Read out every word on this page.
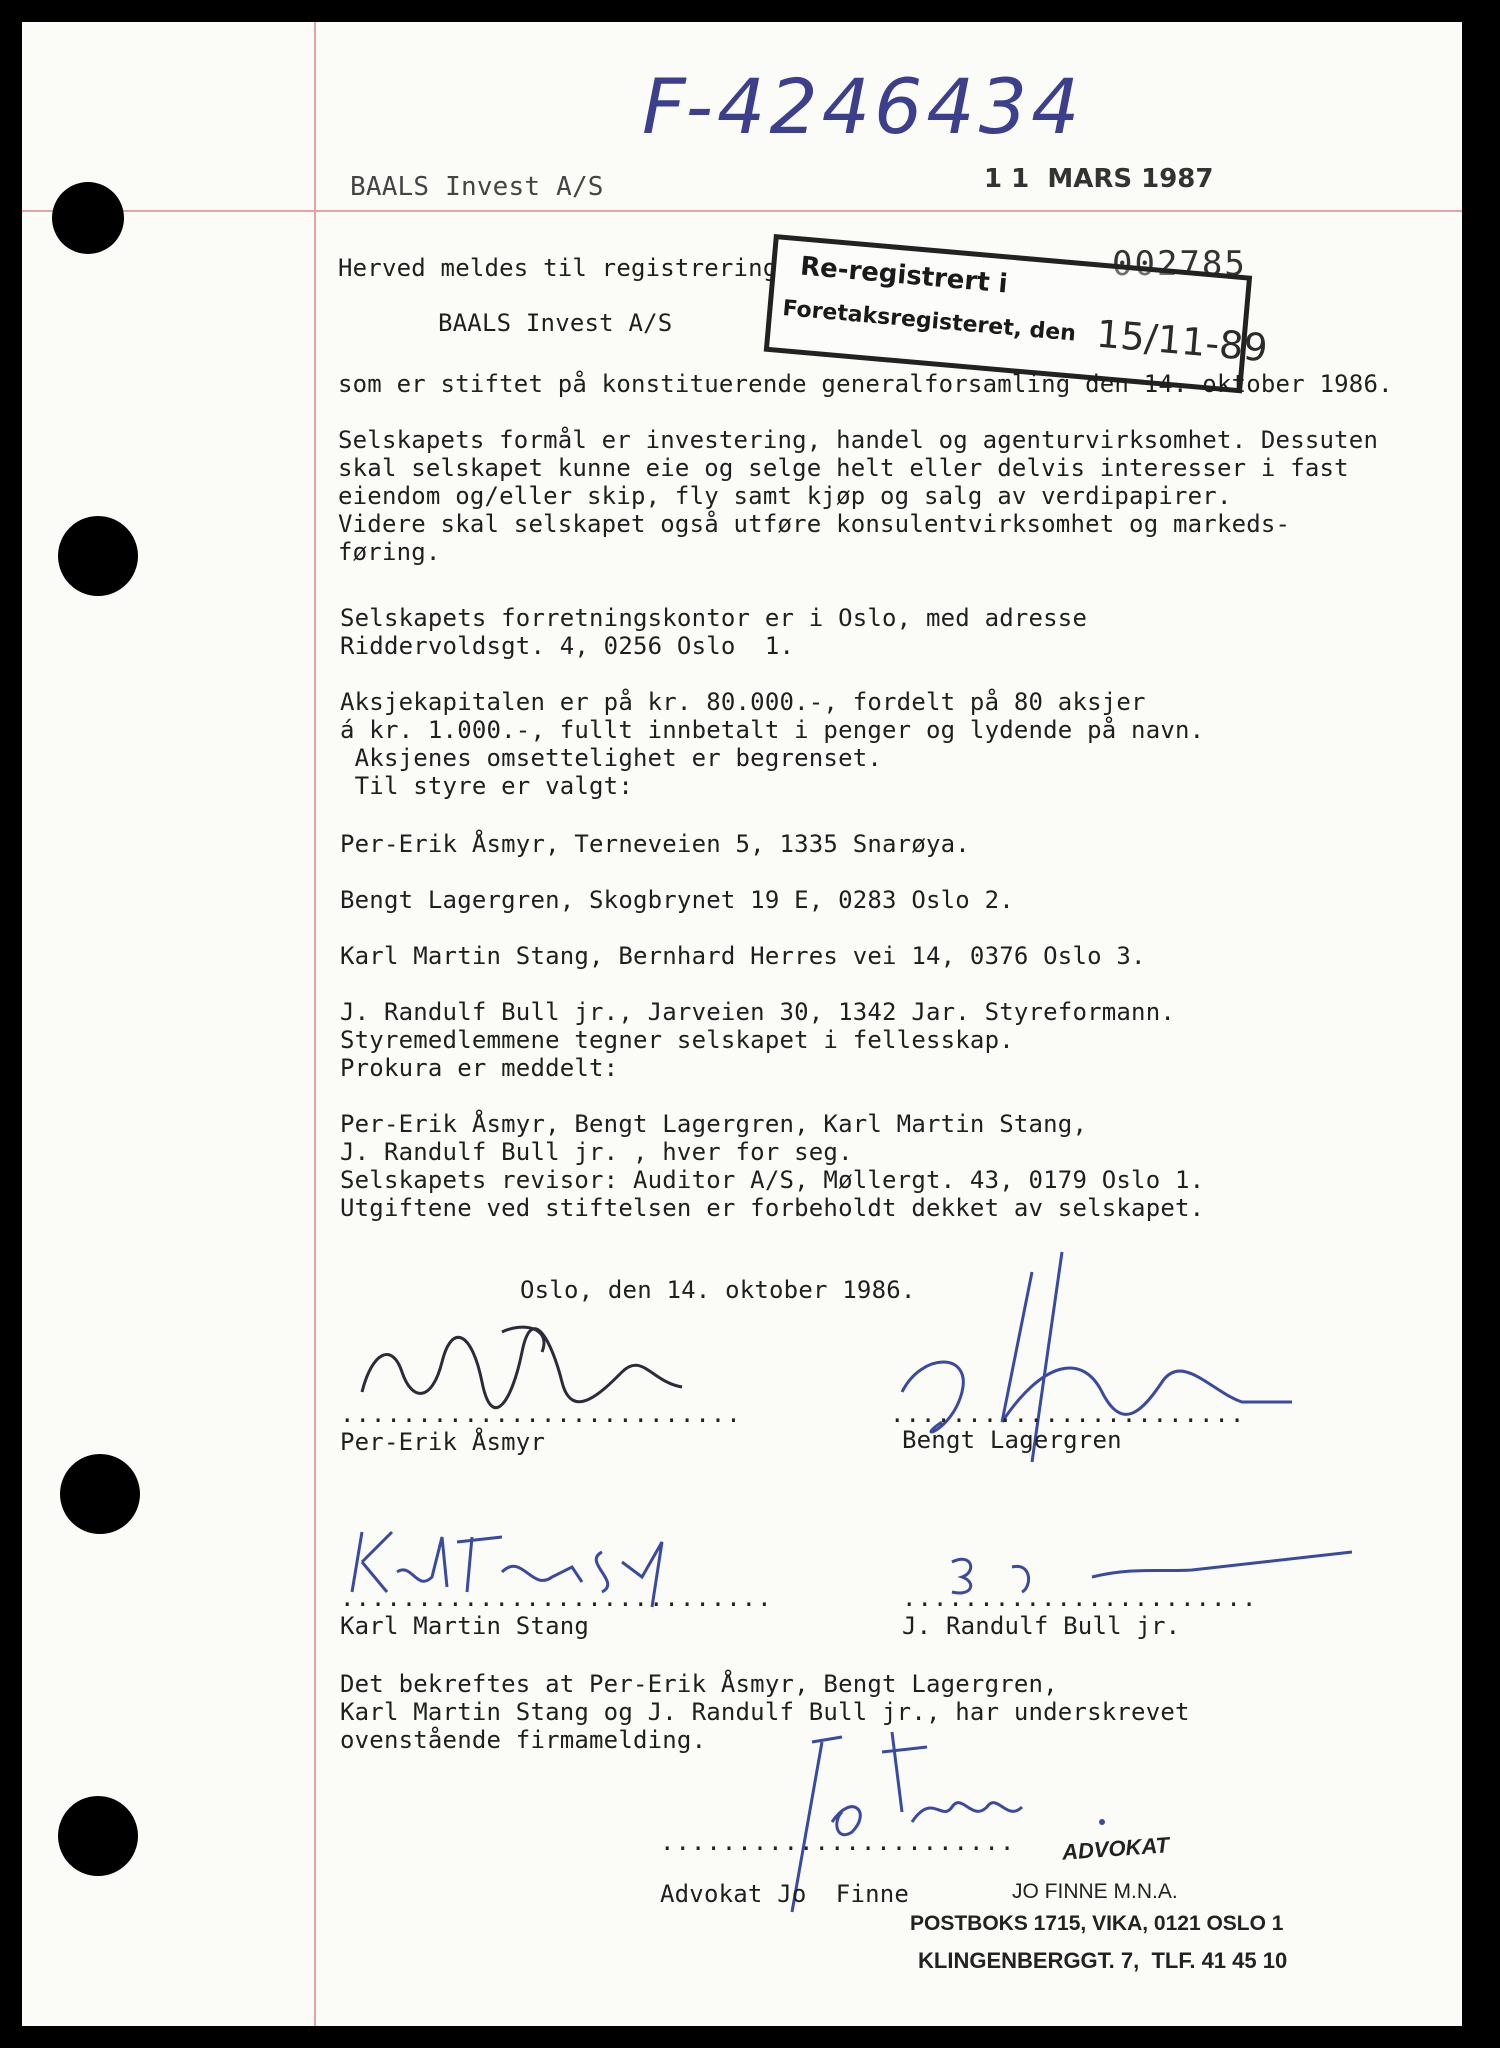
F-4246434
BAALS Invest A/S	1 1  MARS 1987
002785
Re-registrert i
Foretaksregisteret, den 15/11-89
Herved meldes til registrering
BAALS Invest A/S
som er stiftet på konstituerende generalforsamling den 14. oktober 1986.
Selskapets formål er investering, handel og agenturvirksomhet. Dessuten
skal selskapet kunne eie og selge helt eller delvis interesser i fast
eiendom og/eller skip, fly samt kjøp og salg av verdipapirer.
Videre skal selskapet også utføre konsulentvirksomhet og markeds-
føring.
Selskapets forretningskontor er i Oslo, med adresse
Riddervoldsgt. 4, 0256 Oslo  1.
Aksjekapitalen er på kr. 80.000.-, fordelt på 80 aksjer
á kr. 1.000.-, fullt innbetalt i penger og lydende på navn.
Aksjenes omsettelighet er begrenset.
Til styre er valgt:
Per-Erik Åsmyr, Terneveien 5, 1335 Snarøya.
Bengt Lagergren, Skogbrynet 19 E, 0283 Oslo 2.
Karl Martin Stang, Bernhard Herres vei 14, 0376 Oslo 3.
J. Randulf Bull jr., Jarveien 30, 1342 Jar. Styreformann.
Styremedlemmene tegner selskapet i fellesskap.
Prokura er meddelt:
Per-Erik Åsmyr, Bengt Lagergren, Karl Martin Stang,
J. Randulf Bull jr. , hver for seg.
Selskapets revisor: Auditor A/S, Møllergt. 43, 0179 Oslo 1.
Utgiftene ved stiftelsen er forbeholdt dekket av selskapet.
Oslo, den 14. oktober 1986.
..........................
Per-Erik Åsmyr
.......................
Bengt Lagergren
............................
Karl Martin Stang
.......................
J. Randulf Bull jr.
Det bekreftes at Per-Erik Åsmyr, Bengt Lagergren,
Karl Martin Stang og J. Randulf Bull jr., har underskrevet
ovenstående firmamelding.
.......................
Advokat Jo  Finne
ADVOKAT
JO FINNE M.N.A.
POSTBOKS 1715, VIKA, 0121 OSLO 1
KLINGENBERGGT. 7,  TLF. 41 45 10
